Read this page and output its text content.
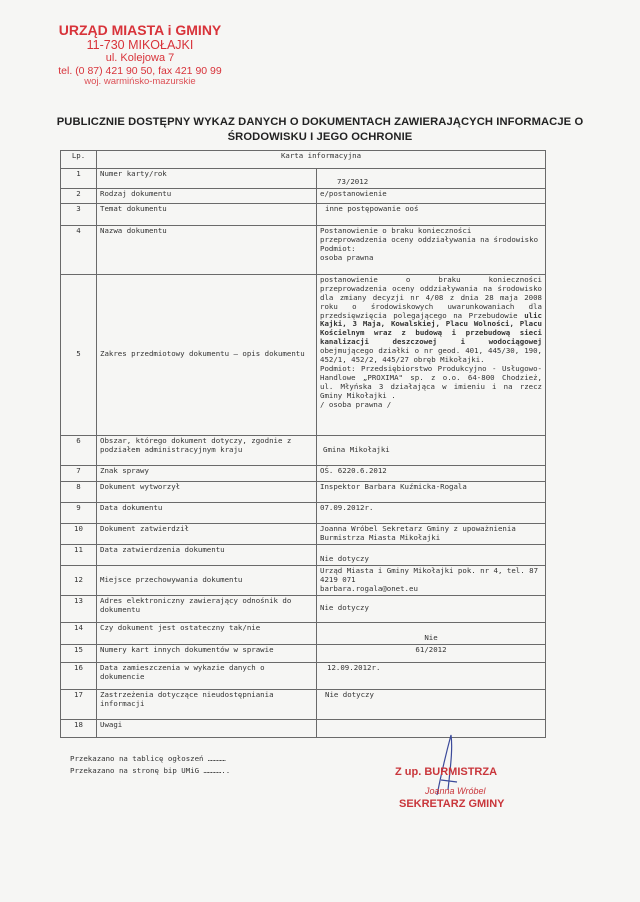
URZĄD MIASTA i GMINY
11-730 MIKOŁAJKI
ul. Kolejowa 7
tel. (0 87) 421 90 50, fax 421 90 99
woj. warmińsko-mazurskie
PUBLICZNIE DOSTĘPNY WYKAZ DANYCH O DOKUMENTACH ZAWIERAJĄCYCH INFORMACJE O
ŚRODOWISKU I JEGO OCHRONIE
Lp.	Karta informacyjna	
1	Numer karty/rok	73/2012
2	Rodzaj dokumentu	e/postanowienie
3	Temat dokumentu	inne postępowanie ooś
4	Nazwa dokumentu	Postanowienie o braku konieczności przeprowadzenia oceny oddziaływania na środowisko
Podmiot:
osoba prawna
5	Zakres przedmiotowy dokumentu – opis dokumentu	postanowienie o braku konieczności przeprowadzenia oceny oddziaływania na środowisko dla zmiany decyzji nr 4/08 z dnia 28 maja 2008 roku o środowiskowych uwarunkowaniach dla przedsięwzięcia polegającego na Przebudowie ulic Kajki, 3 Maja, Kowalskiej, Placu Wolności, Placu Kościelnym wraz z budową i przebudową sieci kanalizacji deszczowej i wodociągowej obejmującego działki o nr geod. 401, 445/30, 190, 452/1, 452/2, 445/27 obręb Mikołajki.
Podmiot: Przedsiębiorstwo Produkcyjno - Usługowo- Handlowe „PROXIMA" sp. z o.o. 64-800 Chodzież, ul. Młyńska 3 działająca w imieniu i na rzecz Gminy Mikołajki .
/ osoba prawna /
6	Obszar, którego dokument dotyczy, zgodnie z podziałem administracyjnym kraju	Gmina Mikołajki
7	Znak sprawy	OŚ. 6220.6.2012
8	Dokument wytworzył	Inspektor Barbara Kuźmicka-Rogala
9	Data dokumentu	07.09.2012r.
10	Dokument zatwierdził	Joanna Wróbel Sekretarz Gminy z upoważnienia Burmistrza Miasta Mikołajki
11	Data zatwierdzenia dokumentu	Nie dotyczy
12	Miejsce przechowywania dokumentu	Urząd Miasta i Gminy Mikołajki pok. nr 4, tel. 87 4219 071
barbara.rogala@onet.eu
13	Adres elektroniczny zawierający odnośnik do dokumentu	Nie dotyczy
14	Czy dokument jest ostateczny tak/nie	Nie
15	Numery kart innych dokumentów w sprawie	61/2012
16	Data zamieszczenia w wykazie danych o dokumencie	12.09.2012r.
17	Zastrzeżenia dotyczące nieudostępniania informacji	Nie dotyczy
18	Uwagi	
Przekazano na tablicę ogłoszeń …………
Przekazano na stronę bip UMiG …………..	Z up. BURMISTRZA
Joanna Wróbel
SEKRETARZ GMINY
